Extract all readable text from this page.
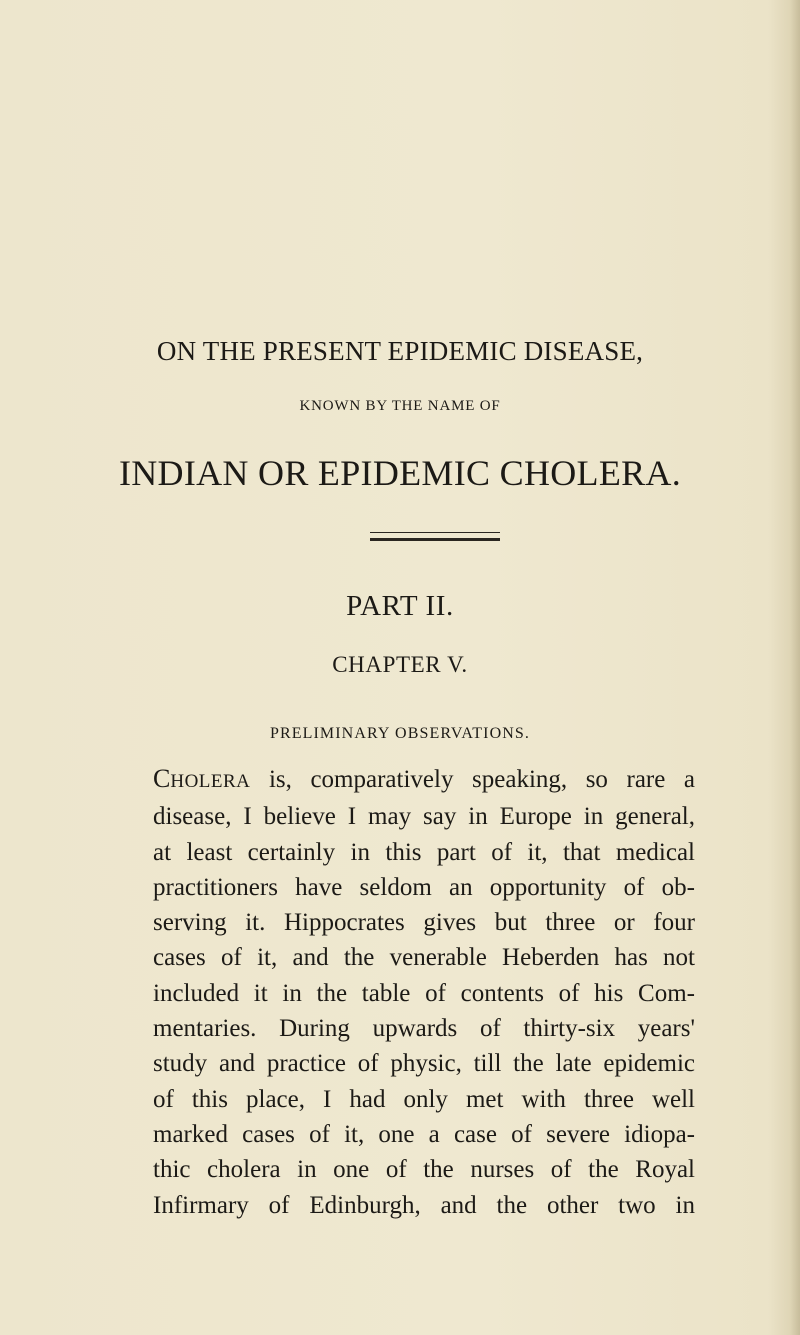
ON THE PRESENT EPIDEMIC DISEASE,
KNOWN BY THE NAME OF
INDIAN OR EPIDEMIC CHOLERA.
PART II.
CHAPTER V.
PRELIMINARY OBSERVATIONS.
CHOLERA is, comparatively speaking, so rare a
disease, I believe I may say in Europe in general,
at least certainly in this part of it, that medical
practitioners have seldom an opportunity of ob-
serving it. Hippocrates gives but three or four
cases of it, and the venerable Heberden has not
included it in the table of contents of his Com-
mentaries. During upwards of thirty-six years'
study and practice of physic, till the late epidemic
of this place, I had only met with three well
marked cases of it, one a case of severe idiopa-
thic cholera in one of the nurses of the Royal
Infirmary of Edinburgh, and the other two in
